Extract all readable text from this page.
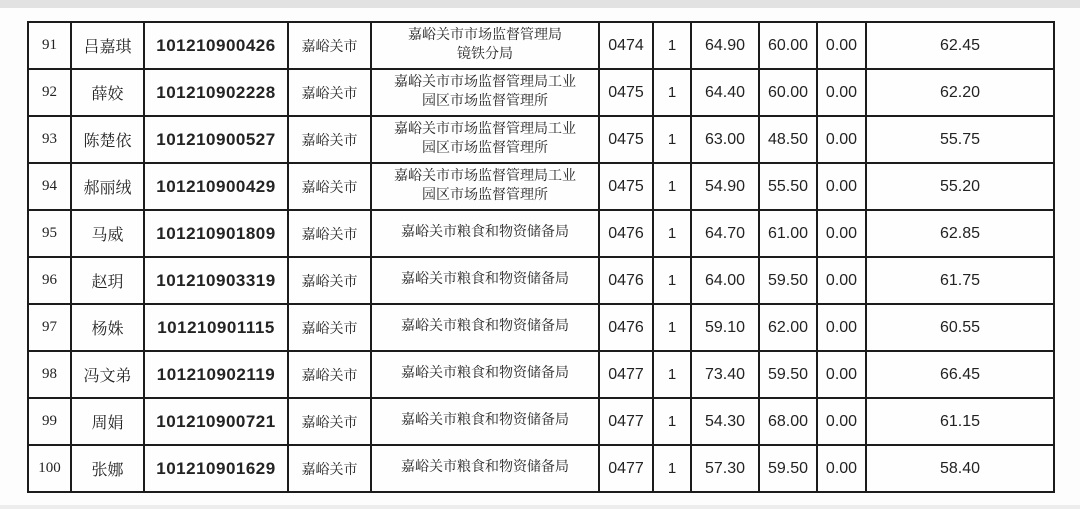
91	吕嘉琪	101210900426	嘉峪关市	嘉峪关市市场监督管理局
镜铁分局	0474	1	64.90	60.00	0.00	62.45
92	薛姣	101210902228	嘉峪关市	嘉峪关市市场监督管理局工业
园区市场监督管理所	0475	1	64.40	60.00	0.00	62.20
93	陈楚依	101210900527	嘉峪关市	嘉峪关市市场监督管理局工业
园区市场监督管理所	0475	1	63.00	48.50	0.00	55.75
94	郝丽绒	101210900429	嘉峪关市	嘉峪关市市场监督管理局工业
园区市场监督管理所	0475	1	54.90	55.50	0.00	55.20
95	马威	101210901809	嘉峪关市	嘉峪关市粮食和物资储备局	0476	1	64.70	61.00	0.00	62.85
96	赵玥	101210903319	嘉峪关市	嘉峪关市粮食和物资储备局	0476	1	64.00	59.50	0.00	61.75
97	杨姝	101210901115	嘉峪关市	嘉峪关市粮食和物资储备局	0476	1	59.10	62.00	0.00	60.55
98	冯文弟	101210902119	嘉峪关市	嘉峪关市粮食和物资储备局	0477	1	73.40	59.50	0.00	66.45
99	周娟	101210900721	嘉峪关市	嘉峪关市粮食和物资储备局	0477	1	54.30	68.00	0.00	61.15
100	张娜	101210901629	嘉峪关市	嘉峪关市粮食和物资储备局	0477	1	57.30	59.50	0.00	58.40
